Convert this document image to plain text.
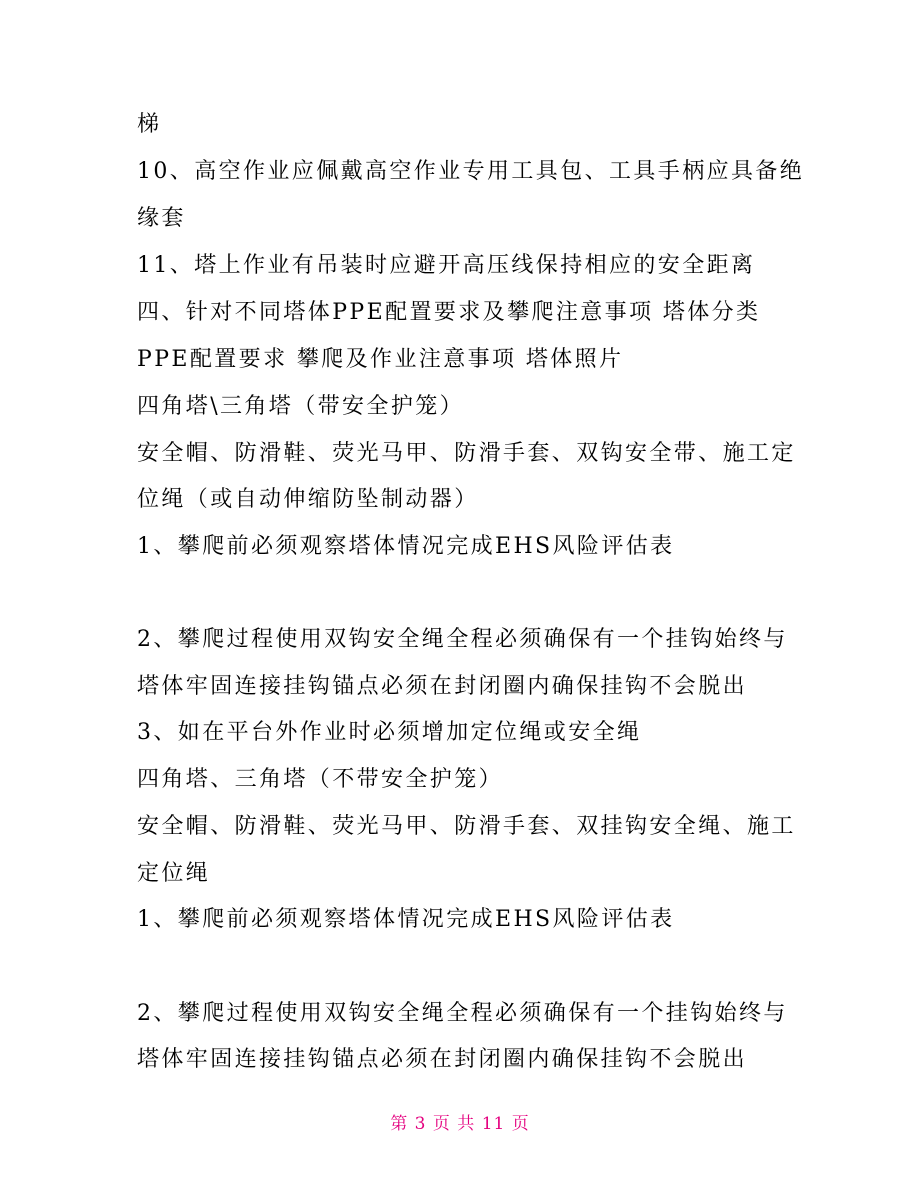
梯
10、高空作业应佩戴高空作业专用工具包、工具手柄应具备绝
缘套
11、塔上作业有吊装时应避开高压线保持相应的安全距离
四、针对不同塔体PPE配置要求及攀爬注意事项 塔体分类
PPE配置要求 攀爬及作业注意事项 塔体照片
四角塔\三角塔（带安全护笼）
安全帽、防滑鞋、荧光马甲、防滑手套、双钩安全带、施工定
位绳（或自动伸缩防坠制动器）
1、攀爬前必须观察塔体情况完成EHS风险评估表
2、攀爬过程使用双钩安全绳全程必须确保有一个挂钩始终与
塔体牢固连接挂钩锚点必须在封闭圈内确保挂钩不会脱出
3、如在平台外作业时必须增加定位绳或安全绳
四角塔、三角塔（不带安全护笼）
安全帽、防滑鞋、荧光马甲、防滑手套、双挂钩安全绳、施工
定位绳
1、攀爬前必须观察塔体情况完成EHS风险评估表
2、攀爬过程使用双钩安全绳全程必须确保有一个挂钩始终与
塔体牢固连接挂钩锚点必须在封闭圈内确保挂钩不会脱出
第 3 页 共 11 页
